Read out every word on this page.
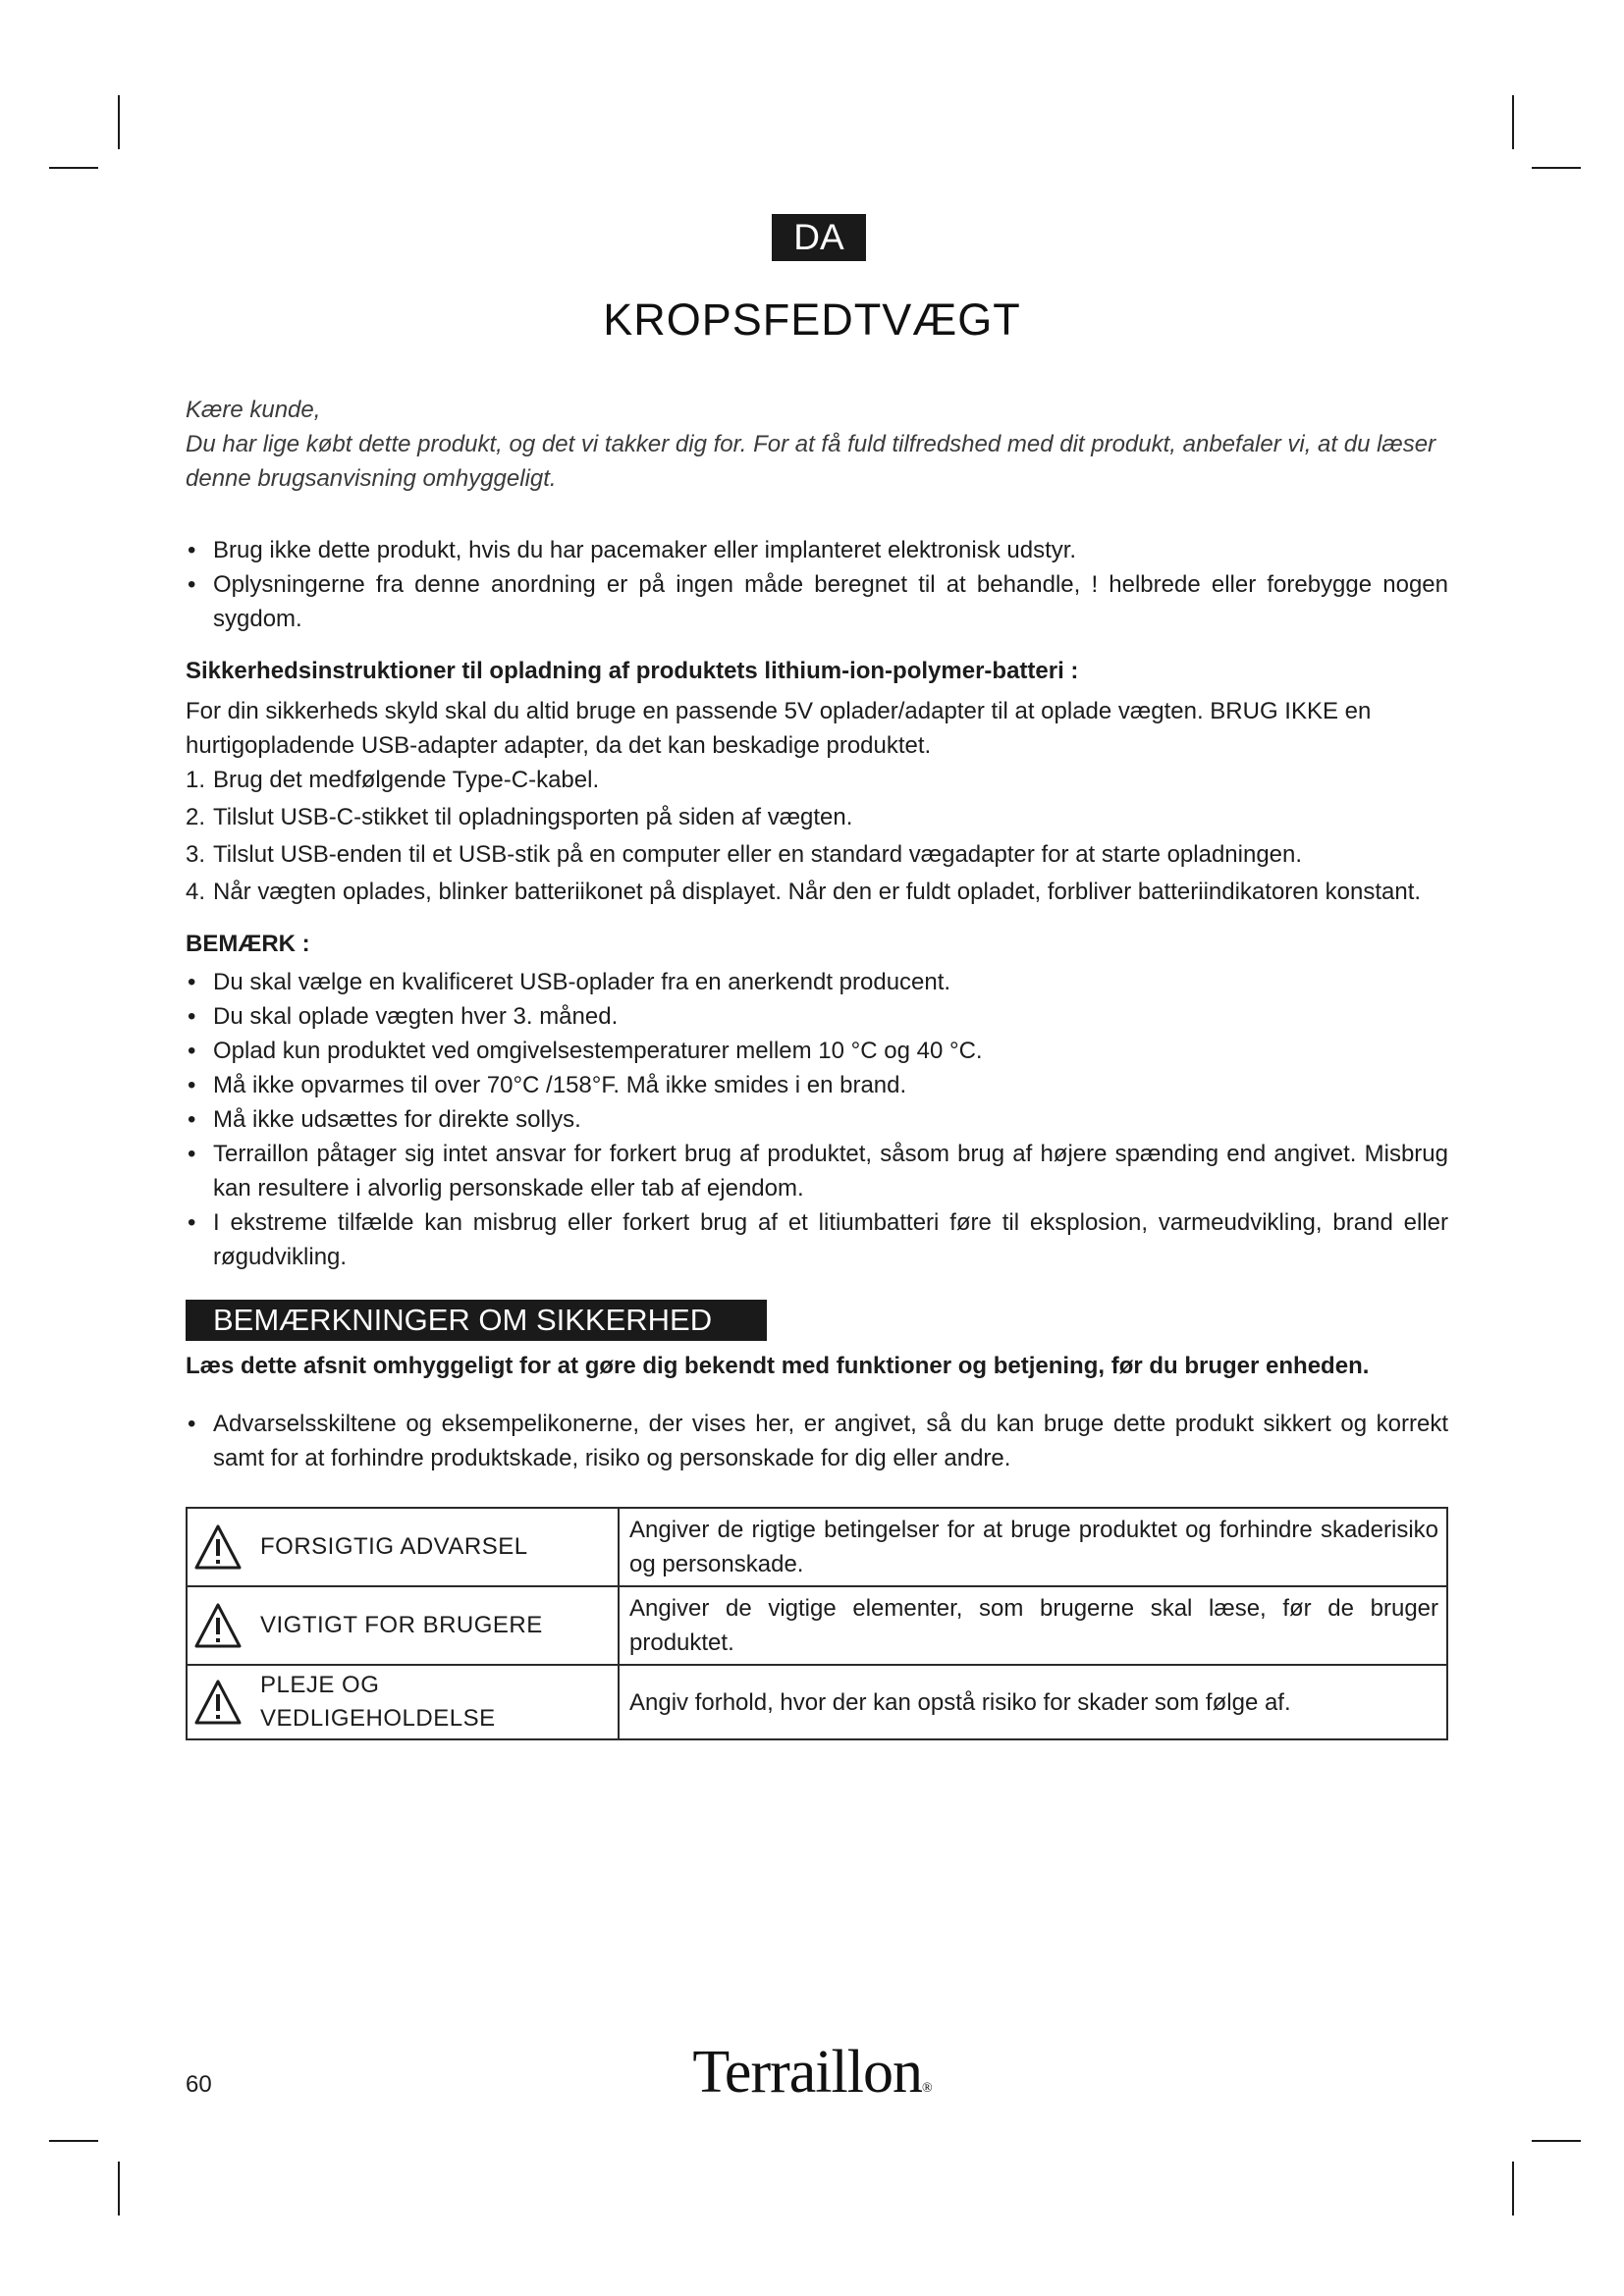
DA
KROPSFEDTVÆGT

Kære kunde,

Du har lige købt dette produkt, og det vi takker dig for. For at få fuld tilfredshed med dit produkt, anbefaler vi, at du læser denne brugsanvisning omhyggeligt.

• Brug ikke dette produkt, hvis du har pacemaker eller implanteret elektronisk udstyr.
• Oplysningerne fra denne anordning er på ingen måde beregnet til at behandle, ! helbrede eller forebygge nogen sygdom.

Sikkerhedsinstruktioner til opladning af produktets lithium-ion-polymer-batteri :

For din sikkerheds skyld skal du altid bruge en passende 5V oplader/adapter til at oplade vægten. BRUG IKKE en hurtigopladende USB-adapter adapter, da det kan beskadige produktet.

1. Brug det medfølgende Type-C-kabel.
2. Tilslut USB-C-stikket til opladningsporten på siden af vægten.
3. Tilslut USB-enden til et USB-stik på en computer eller en standard vægadapter for at starte opladningen.
4. Når vægten oplades, blinker batteriikonet på displayet. Når den er fuldt opladet, forbliver batteriindikatoren konstant.

BEMÆRK :

• Du skal vælge en kvalificeret USB-oplader fra en anerkendt producent.
• Du skal oplade vægten hver 3. måned.
• Oplad kun produktet ved omgivelsestemperaturer mellem 10 °C og 40 °C.
• Må ikke opvarmes til over 70°C /158°F. Må ikke smides i en brand.
• Må ikke udsættes for direkte sollys.
• Terraillon påtager sig intet ansvar for forkert brug af produktet, såsom brug af højere spænding end angivet. Misbrug kan resultere i alvorlig personskade eller tab af ejendom.
• I ekstreme tilfælde kan misbrug eller forkert brug af et litiumbatteri føre til eksplosion, varmeudvikling, brand eller røgudvikling.
BEMÆRKNINGER OM SIKKERHED

Læs dette afsnit omhyggeligt for at gøre dig bekendt med funktioner og betjening, før du bruger enheden.

• Advarselsskiltene og eksempelikonerne, der vises her, er angivet, så du kan bruge dette produkt sikkert og korrekt samt for at forhindre produktskade, risiko og personskade for dig eller andre.
FORSIGTIG ADVARSEL	Angiver de rigtige betingelser for at bruge produktet og forhindre skaderisiko og personskade.

VIGTIGT FOR BRUGERE	Angiver de vigtige elementer, som brugerne skal læse, før de bruger produktet.

PLEJE OG VEDLIGEHOLDELSE	Angiv forhold, hvor der kan opstå risiko for skader som følge af.
60	Terraillon®
